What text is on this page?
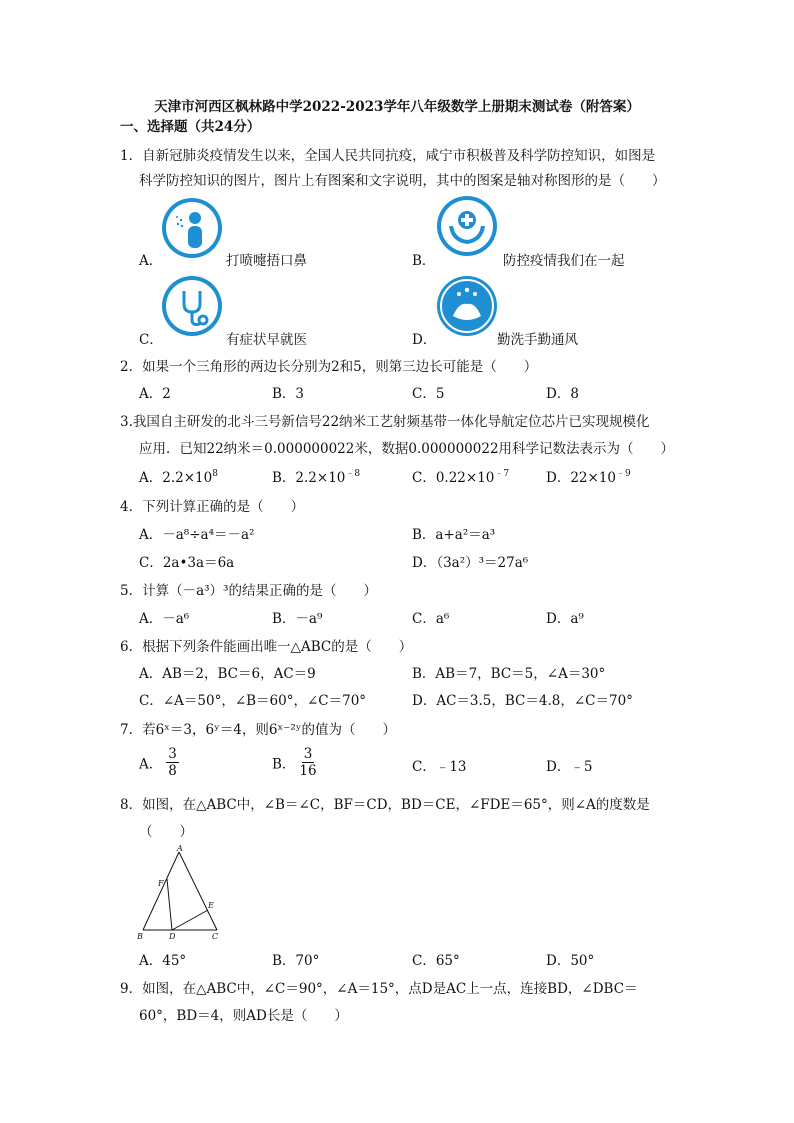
天津市河西区枫林路中学2022-2023学年八年级数学上册期末测试卷（附答案）
一、选择题（共24分）
1．自新冠肺炎疫情发生以来，全国人民共同抗疫，咸宁市积极普及科学防控知识，如图是
科学防控知识的图片，图片上有图案和文字说明，其中的图案是轴对称图形的是（　　）
A．	打喷嚏捂口鼻	B．	防控疫情我们在一起
C．	有症状早就医	D．	勤洗手勤通风
2．如果一个三角形的两边长分别为2和5，则第三边长可能是（　　）
A．2	B．3	C．5	D．8
3.我国自主研发的北斗三号新信号22纳米工艺射频基带一体化导航定位芯片已实现规模化
应用．已知22纳米＝0.000000022米，数据0.000000022用科学记数法表示为（　　）
A．$2.2\times 10^8$	B．$2.2\times 10^{﹣8}$	C．$0.22\times 10^{﹣7}$	D．$22\times 10^{﹣9}$
4．下列计算正确的是（　　）
A．－a⁸÷a⁴＝－a²	B．a+a²＝a³
C．2a•3a＝6a	D．（3a²）³＝27a⁶
5．计算（－a³）³的结果正确的是（　　）
A．－a⁶	B．－a⁹	C．a⁶	D．a⁹
6．根据下列条件能画出唯一△ABC的是（　　）
A．AB＝2，BC＝6，AC＝9	B．AB＝7，BC＝5，∠A＝30°
C．∠A＝50°，∠B＝60°，∠C＝70°	D．AC＝3.5，BC＝4.8，∠C＝70°
7．若6ˣ＝3，6ʸ＝4，则6ˣ⁻²ʸ的值为（　　）
A． $\frac{3}{8}$	B． $\frac{3}{16}$	C．﹣13	D．﹣5
8．如图，在△ABC中，∠B＝∠C，BF＝CD，BD＝CE，∠FDE＝65°，则∠A的度数是
（　　）
A
B	C
D
E
F
A．45°	B．70°	C．65°	D．50°
9．如图，在△ABC中，∠C＝90°，∠A＝15°，点D是AC上一点，连接BD，∠DBC＝
60°，BD＝4，则AD长是（　　）
